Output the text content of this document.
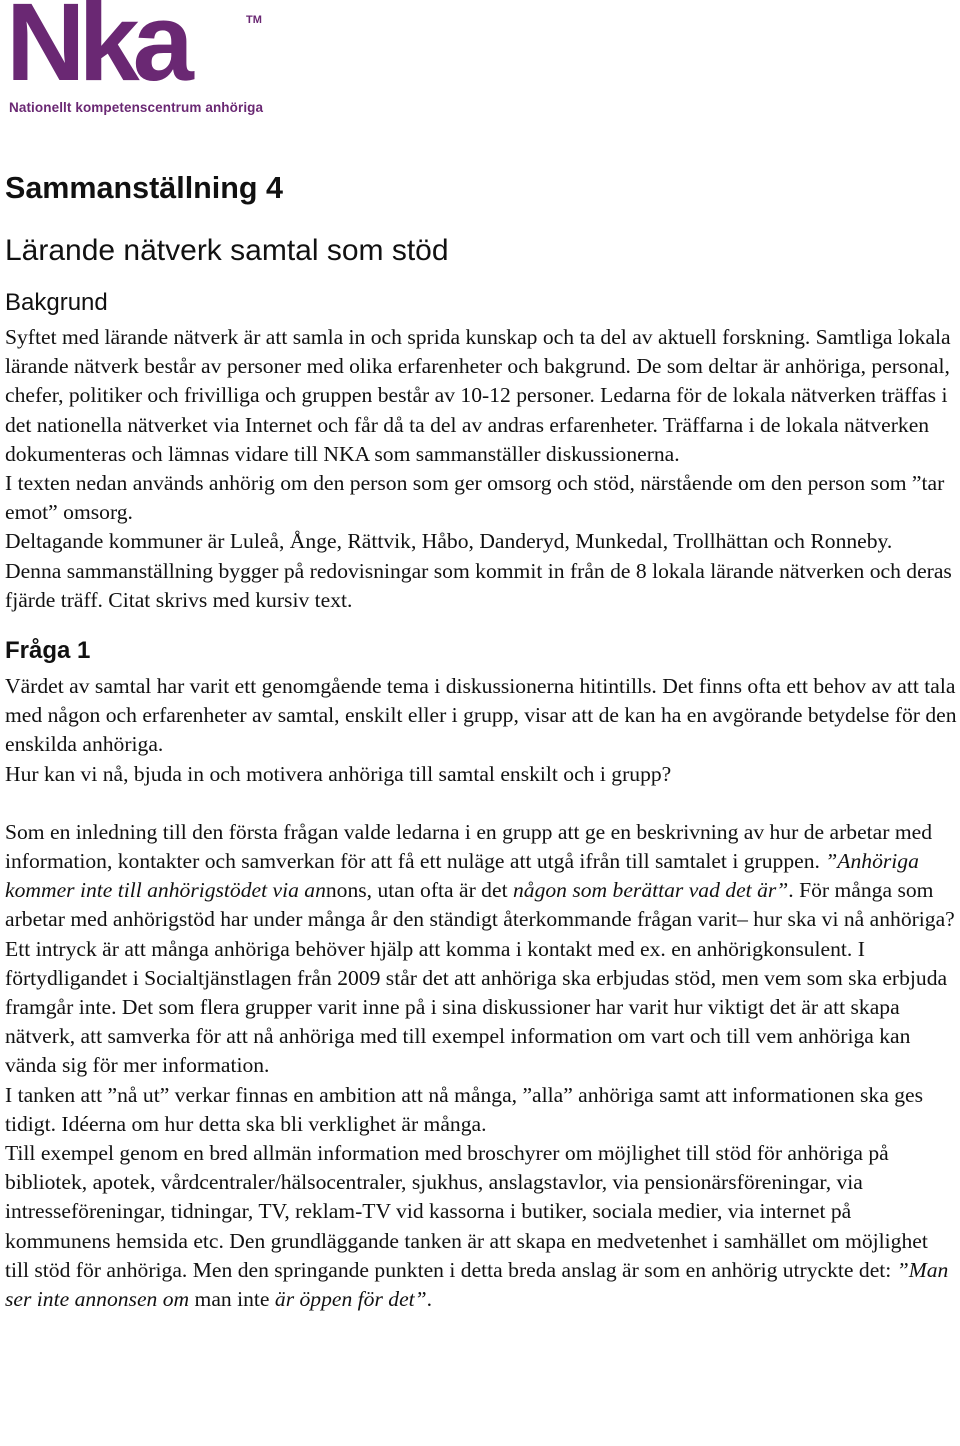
Nka	TM
Nationellt kompetenscentrum anhöriga
Sammanställning 4
Lärande nätverk samtal som stöd
Bakgrund

Syftet med lärande nätverk är att samla in och sprida kunskap och ta del av aktuell forskning. Samtliga lokala lärande nätverk består av personer med olika erfarenheter och bakgrund. De som deltar är anhöriga, personal, chefer, politiker och frivilliga och gruppen består av 10-12 personer. Ledarna för de lokala nätverken träffas i det nationella nätverket via Internet och får då ta del av andras erfarenheter. Träffarna i de lokala nätverken dokumenteras och lämnas vidare till NKA som sammanställer diskussionerna.

I texten nedan används anhörig om den person som ger omsorg och stöd, närstående om den person som ”tar emot” omsorg.

Deltagande kommuner är Luleå, Ånge, Rättvik, Håbo, Danderyd, Munkedal, Trollhättan och Ronneby.

Denna sammanställning bygger på redovisningar som kommit in från de 8 lokala lärande nätverken och deras fjärde träff. Citat skrivs med kursiv text.

Fråga 1

Värdet av samtal har varit ett genomgående tema i diskussionerna hitintills. Det finns ofta ett behov av att tala med någon och erfarenheter av samtal, enskilt eller i grupp, visar att de kan ha en avgörande betydelse för den enskilda anhöriga.

Hur kan vi nå, bjuda in och motivera anhöriga till samtal enskilt och i grupp?

Som en inledning till den första frågan valde ledarna i en grupp att ge en beskrivning av hur de arbetar med information, kontakter och samverkan för att få ett nuläge att utgå ifrån till samtalet i gruppen. ”Anhöriga kommer inte till anhörigstödet via annons, utan ofta är det någon som berättar vad det är”. För många som arbetar med anhörigstöd har under många år den ständigt återkommande frågan varit– hur ska vi nå anhöriga? Ett intryck är att många anhöriga behöver hjälp att komma i kontakt med ex. en anhörigkonsulent. I förtydligandet i Socialtjänstlagen från 2009 står det att anhöriga ska erbjudas stöd, men vem som ska erbjuda framgår inte. Det som flera grupper varit inne på i sina diskussioner har varit hur viktigt det är att skapa nätverk, att samverka för att nå anhöriga med till exempel information om vart och till vem anhöriga kan vända sig för mer information.

I tanken att ”nå ut” verkar finnas en ambition att nå många, ”alla” anhöriga samt att informationen ska ges tidigt. Idéerna om hur detta ska bli verklighet är många.

Till exempel genom en bred allmän information med broschyrer om möjlighet till stöd för anhöriga på bibliotek, apotek, vårdcentraler/hälsocentraler, sjukhus, anslagstavlor, via pensionärsföreningar, via intresseföreningar, tidningar, TV, reklam-TV vid kassorna i butiker, sociala medier, via internet på kommunens hemsida etc. Den grundläggande tanken är att skapa en medvetenhet i samhället om möjlighet till stöd för anhöriga. Men den springande punkten i detta breda anslag är som en anhörig utryckte det: ”Man ser inte annonsen om man inte är öppen för det”.
